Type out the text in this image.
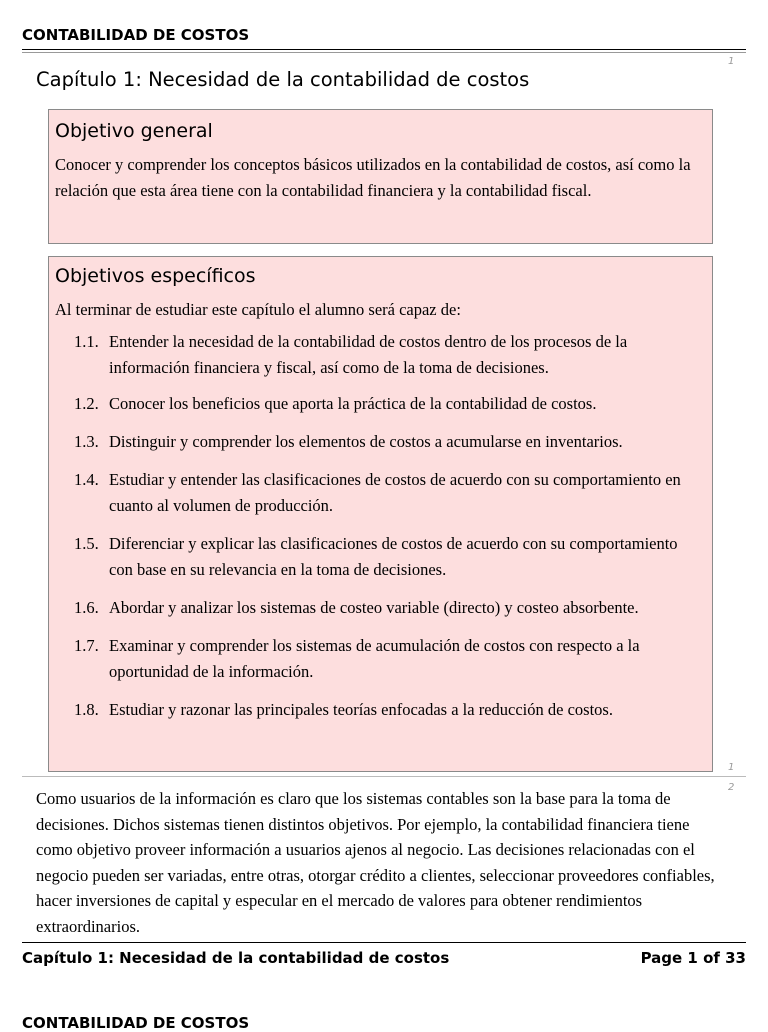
CONTABILIDAD DE COSTOS
1
Capítulo 1: Necesidad de la contabilidad de costos
Objetivo general

Conocer y comprender los conceptos básicos utilizados en la contabilidad de costos, así como la relación que esta área tiene con la contabilidad financiera y la contabilidad fiscal.

Objetivos específicos

Al terminar de estudiar este capítulo el alumno será capaz de:

1.1. Entender la necesidad de la contabilidad de costos dentro de los procesos de la información financiera y fiscal, así como de la toma de decisiones.
1.2. Conocer los beneficios que aporta la práctica de la contabilidad de costos.
1.3. Distinguir y comprender los elementos de costos a acumularse en inventarios.
1.4. Estudiar y entender las clasificaciones de costos de acuerdo con su comportamiento en cuanto al volumen de producción.
1.5. Diferenciar y explicar las clasificaciones de costos de acuerdo con su comportamiento con base en su relevancia en la toma de decisiones.
1.6. Abordar y analizar los sistemas de costeo variable (directo) y costeo absorbente.
1.7. Examinar y comprender los sistemas de acumulación de costos con respecto a la oportunidad de la información.
1.8. Estudiar y razonar las principales teorías enfocadas a la reducción de costos.
1
2
Como usuarios de la información es claro que los sistemas contables son la base para la toma de decisiones. Dichos sistemas tienen distintos objetivos. Por ejemplo, la contabilidad financiera tiene como objetivo proveer información a usuarios ajenos al negocio. Las decisiones relacionadas con el negocio pueden ser variadas, entre otras, otorgar crédito a clientes, seleccionar proveedores confiables, hacer inversiones de capital y especular en el mercado de valores para obtener rendimientos extraordinarios.
Capítulo 1: Necesidad de la contabilidad de costos	Page 1 of 33
CONTABILIDAD DE COSTOS
